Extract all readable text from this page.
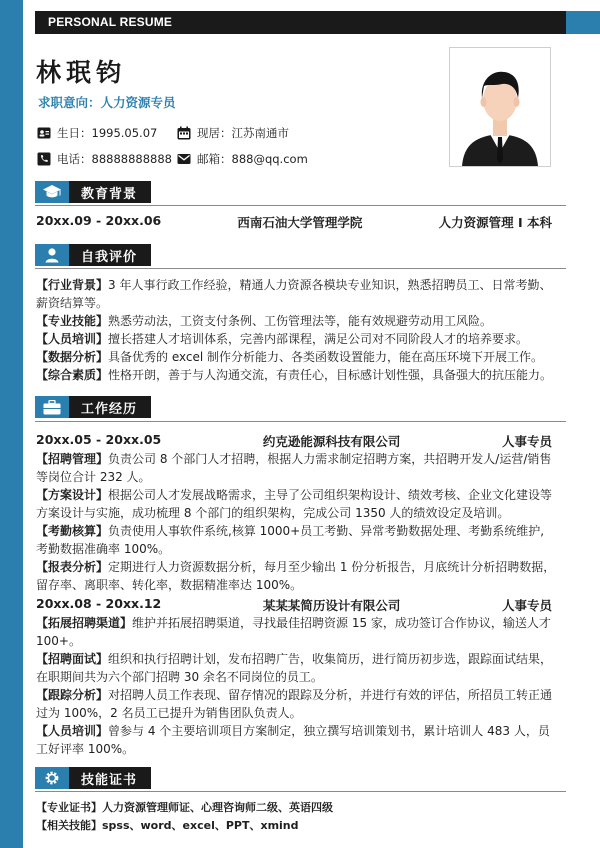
PERSONAL RESUME
林珉钧
求职意向：人力资源专员
生日： 1995.05.07	现居： 江苏南通市
电话： 88888888888 邮箱： 888@qq.com
教育背景
20xx.09 - 20xx.06	西南石油大学管理学院	人力资源管理 I 本科
自我评价
【行业背景】3 年人事行政工作经验，精通人力资源各模块专业知识，熟悉招聘员工、日常考勤、薪资结算等。
【专业技能】熟悉劳动法，工资支付条例、工伤管理法等，能有效规避劳动用工风险。
【人员培训】擅长搭建人才培训体系，完善内部课程，满足公司对不同阶段人才的培养要求。
【数据分析】具备优秀的 excel 制作分析能力、各类函数设置能力，能在高压环境下开展工作。
【综合素质】性格开朗，善于与人沟通交流，有责任心，目标感计划性强，具备强大的抗压能力。
工作经历
20xx.05 - 20xx.05	约克逊能源科技有限公司	人事专员
【招聘管理】负责公司 8 个部门人才招聘，根据人力需求制定招聘方案，共招聘开发人/运营/销售等岗位合计 232 人。
【方案设计】根据公司人才发展战略需求，主导了公司组织架构设计、绩效考核、企业文化建设等方案设计与实施，成功梳理 8 个部门的组织架构，完成公司 1350 人的绩效设定及培训。
【考勤核算】负责使用人事软件系统,核算 1000+员工考勤、异常考勤数据处理、考勤系统维护,考勤数据准确率 100%。
【报表分析】定期进行人力资源数据分析，每月至少输出 1 份分析报告，月底统计分析招聘数据，留存率、离职率、转化率，数据精准率达 100%。
20xx.08 - 20xx.12	某某某简历设计有限公司	人事专员
【拓展招聘渠道】维护并拓展招聘渠道，寻找最佳招聘资源 15 家，成功签订合作协议，输送人才 100+。
【招聘面试】组织和执行招聘计划，发布招聘广告，收集简历，进行简历初步选，跟踪面试结果，在职期间共为六个部门招聘 30 余名不同岗位的员工。
【跟踪分析】对招聘人员工作表现、留存情况的跟踪及分析，并进行有效的评估，所招员工转正通过为 100%，2 名员工已提升为销售团队负责人。
【人员培训】曾参与 4 个主要培训项目方案制定，独立撰写培训策划书，累计培训人 483 人，员工好评率 100%。
技能证书
【专业证书】人力资源管理师证、心理咨询师二级、英语四级
【相关技能】spss、word、excel、PPT、xmind
